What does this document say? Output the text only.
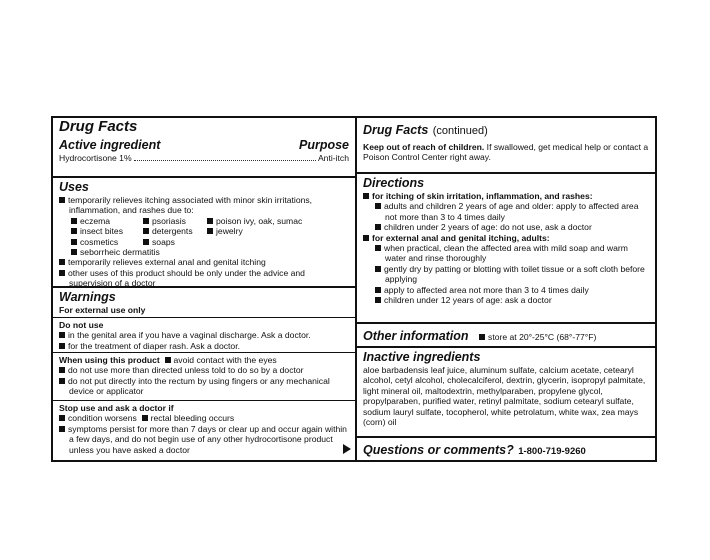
Drug Facts
Active ingredient	Purpose
Hydrocortisone 1%	Anti-itch
Uses
temporarily relieves itching associated with minor skin irritations, inflammation, and rashes due to:
eczema	psoriasis	poison ivy, oak, sumac
insect bites	detergents	jewelry
cosmetics	soaps
seborrheic dermatitis
temporarily relieves external anal and genital itching
other uses of this product should be only under the advice and supervision of a doctor
Warnings
For external use only
Do not use
in the genital area if you have a vaginal discharge. Ask a doctor.
for the treatment of diaper rash. Ask a doctor.
When using this product avoid contact with the eyes
do not use more than directed unless told to do so by a doctor
do not put directly into the rectum by using fingers or any mechanical device or applicator
Stop use and ask a doctor if
condition worsens rectal bleeding occurs
symptoms persist for more than 7 days or clear up and occur again within a few days, and do not begin use of any other hydrocortisone product unless you have asked a doctor
Drug Facts (continued)
Keep out of reach of children. If swallowed, get medical help or contact a Poison Control Center right away.
Directions
for itching of skin irritation, inflammation, and rashes:
adults and children 2 years of age and older: apply to affected area not more than 3 to 4 times daily
children under 2 years of age: do not use, ask a doctor
for external anal and genital itching, adults:
when practical, clean the affected area with mild soap and warm water and rinse thoroughly
gently dry by patting or blotting with toilet tissue or a soft cloth before applying
apply to affected area not more than 3 to 4 times daily
children under 12 years of age: ask a doctor
Other information store at 20°-25°C (68°-77°F)
Inactive ingredients
aloe barbadensis leaf juice, aluminum sulfate, calcium acetate, cetearyl alcohol, cetyl alcohol, cholecalciferol, dextrin, glycerin, isopropyl palmitate, light mineral oil, maltodextrin, methylparaben, propylene glycol, propylparaben, purified water, retinyl palmitate, sodium cetearyl sulfate, sodium lauryl sulfate, tocopherol, white petrolatum, white wax, zea mays (corn) oil
Questions or comments? 1-800-719-9260
